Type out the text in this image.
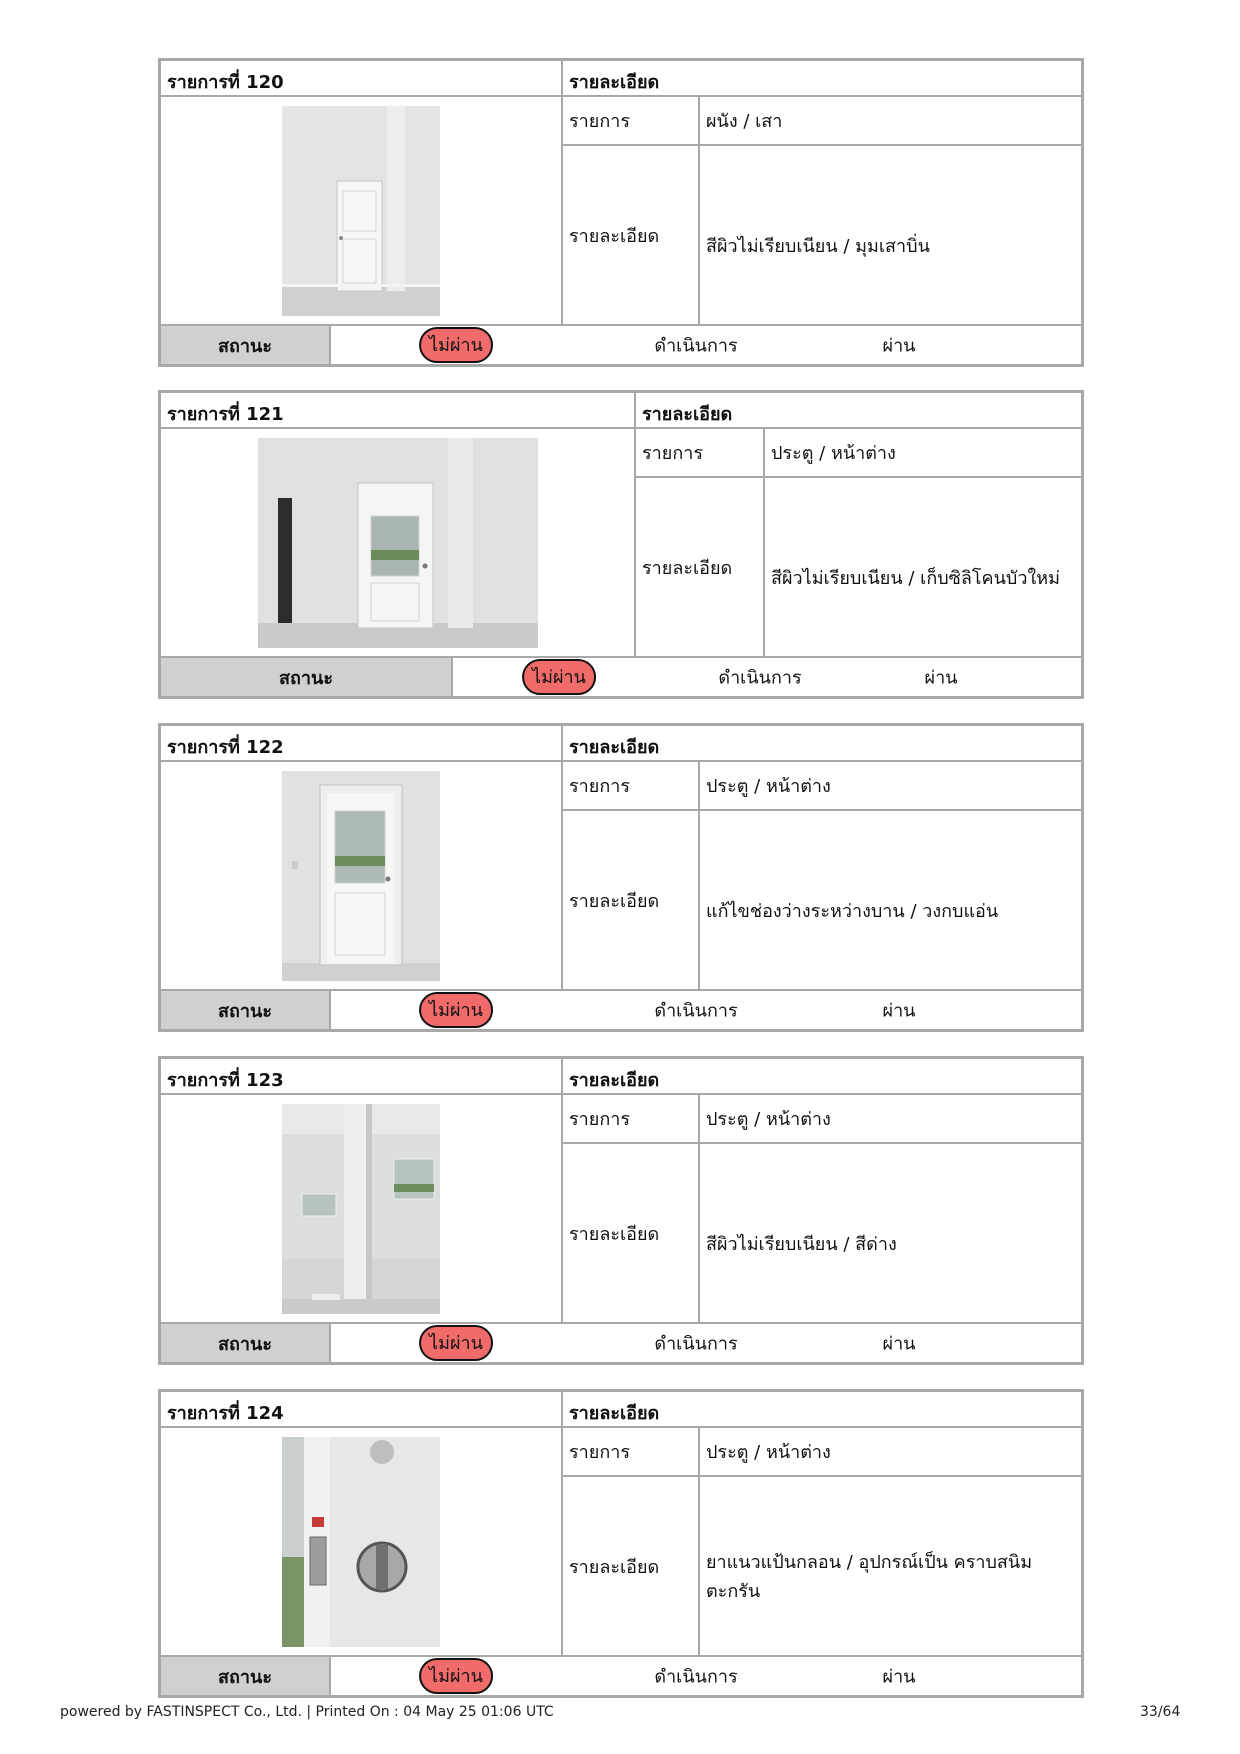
รายการที่ 120	รายละเอียด
รายการ	ผนัง / เสา
รายละเอียด	สีผิวไม่เรียบเนียน / มุมเสาบิ่น
สถานะ	ไม่ผ่าน	ดำเนินการ	ผ่าน
รายการที่ 121	รายละเอียด
รายการ	ประตู / หน้าต่าง
รายละเอียด	สีผิวไม่เรียบเนียน / เก็บซิลิโคนบัวใหม่
สถานะ	ไม่ผ่าน	ดำเนินการ	ผ่าน
รายการที่ 122	รายละเอียด
รายการ	ประตู / หน้าต่าง
รายละเอียด	แก้ไขช่องว่างระหว่างบาน / วงกบแอ่น
สถานะ	ไม่ผ่าน	ดำเนินการ	ผ่าน
รายการที่ 123	รายละเอียด
รายการ	ประตู / หน้าต่าง
รายละเอียด	สีผิวไม่เรียบเนียน / สีด่าง
สถานะ	ไม่ผ่าน	ดำเนินการ	ผ่าน
รายการที่ 124	รายละเอียด
รายการ	ประตู / หน้าต่าง
รายละเอียด	ยาแนวแป้นกลอน / อุปกรณ์เป็น คราบสนิม ตะกรัน
สถานะ	ไม่ผ่าน	ดำเนินการ	ผ่าน
powered by FASTINSPECT Co., Ltd. | Printed On : 04 May 25 01:06 UTC	33/64
